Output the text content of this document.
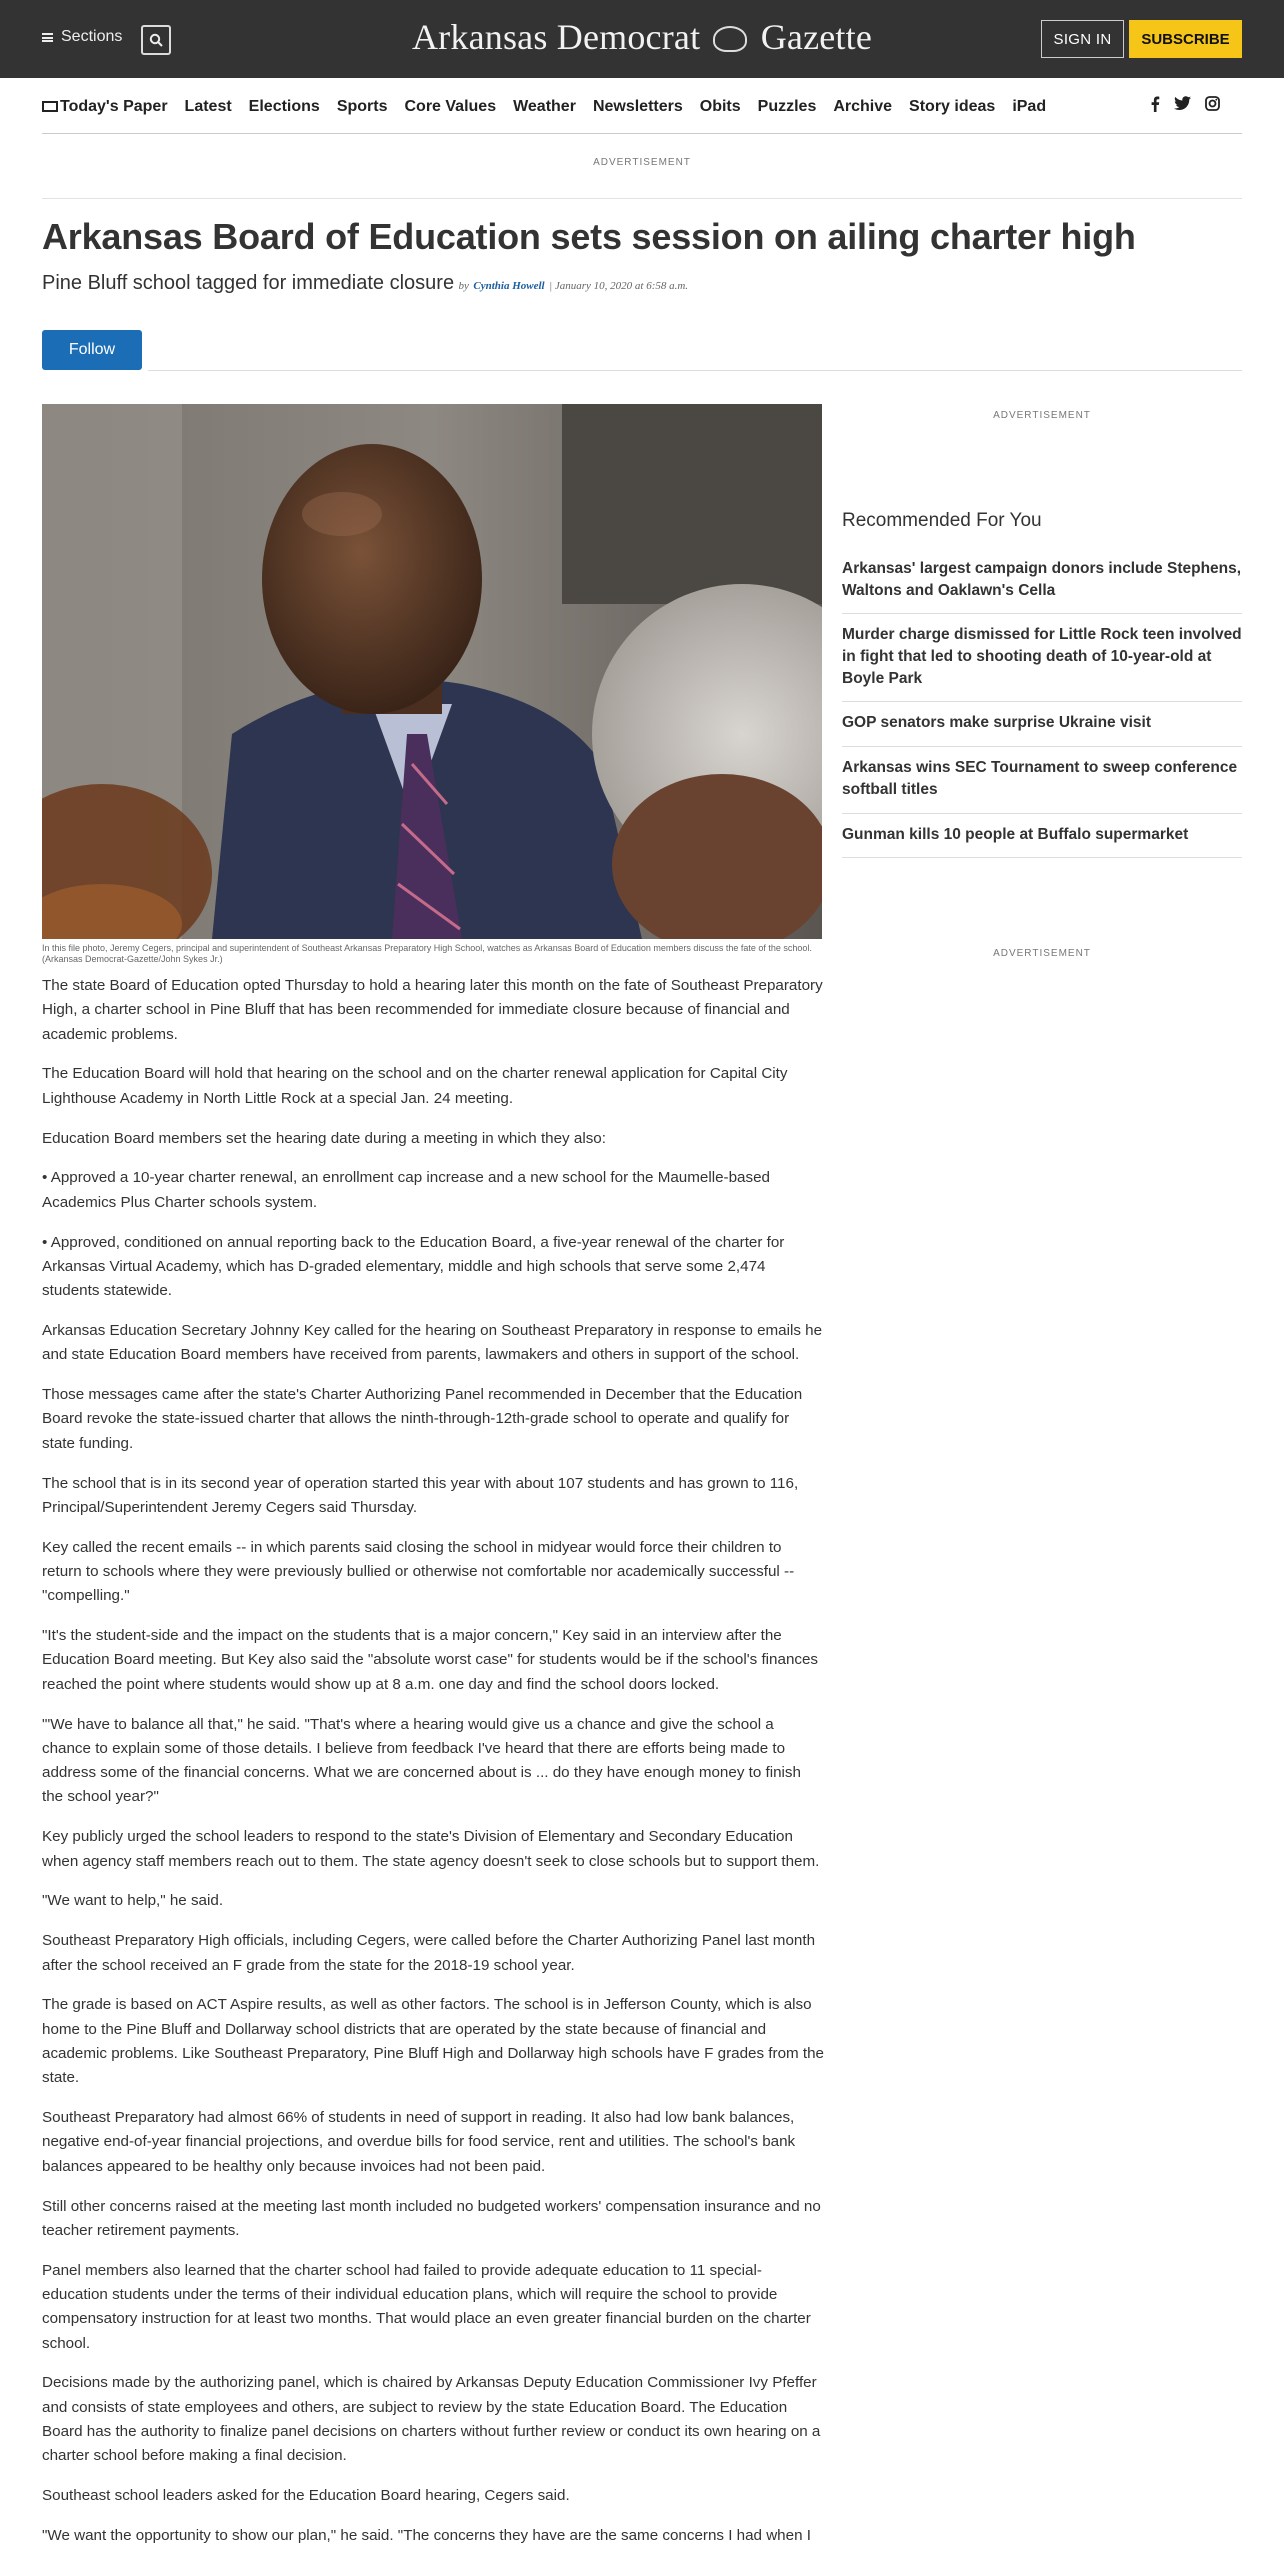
Sections	Arkansas Democrat Gazette	SIGN IN	SUBSCRIBE
Today's Paper Latest Elections Sports Core Values Weather Newsletters Obits Puzzles Archive Story ideas iPad
ADVERTISEMENT
Arkansas Board of Education sets session on ailing charter high
Pine Bluff school tagged for immediate closure by Cynthia Howell | January 10, 2020 at 6:58 a.m.
Follow
In this file photo, Jeremy Cegers, principal and superintendent of Southeast Arkansas Preparatory High School, watches as Arkansas Board of Education members discuss the fate of the school. (Arkansas Democrat-Gazette/John Sykes Jr.)

The state Board of Education opted Thursday to hold a hearing later this month on the fate of Southeast Preparatory High, a charter school in Pine Bluff that has been recommended for immediate closure because of financial and academic problems.

The Education Board will hold that hearing on the school and on the charter renewal application for Capital City Lighthouse Academy in North Little Rock at a special Jan. 24 meeting.

Education Board members set the hearing date during a meeting in which they also:

• Approved a 10-year charter renewal, an enrollment cap increase and a new school for the Maumelle-based Academics Plus Charter schools system.

• Approved, conditioned on annual reporting back to the Education Board, a five-year renewal of the charter for Arkansas Virtual Academy, which has D-graded elementary, middle and high schools that serve some 2,474 students statewide.

Arkansas Education Secretary Johnny Key called for the hearing on Southeast Preparatory in response to emails he and state Education Board members have received from parents, lawmakers and others in support of the school.

Those messages came after the state's Charter Authorizing Panel recommended in December that the Education Board revoke the state-issued charter that allows the ninth-through-12th-grade school to operate and qualify for state funding.

The school that is in its second year of operation started this year with about 107 students and has grown to 116, Principal/Superintendent Jeremy Cegers said Thursday.

Key called the recent emails -- in which parents said closing the school in midyear would force their children to return to schools where they were previously bullied or otherwise not comfortable nor academically successful -- "compelling."

"It's the student-side and the impact on the students that is a major concern," Key said in an interview after the Education Board meeting. But Key also said the "absolute worst case" for students would be if the school's finances reached the point where students would show up at 8 a.m. one day and find the school doors locked.

"'We have to balance all that," he said. "That's where a hearing would give us a chance and give the school a chance to explain some of those details. I believe from feedback I've heard that there are efforts being made to address some of the financial concerns. What we are concerned about is ... do they have enough money to finish the school year?"

Key publicly urged the school leaders to respond to the state's Division of Elementary and Secondary Education when agency staff members reach out to them. The state agency doesn't seek to close schools but to support them.

"We want to help," he said.

Southeast Preparatory High officials, including Cegers, were called before the Charter Authorizing Panel last month after the school received an F grade from the state for the 2018-19 school year.

The grade is based on ACT Aspire results, as well as other factors. The school is in Jefferson County, which is also home to the Pine Bluff and Dollarway school districts that are operated by the state because of financial and academic problems. Like Southeast Preparatory, Pine Bluff High and Dollarway high schools have F grades from the state.

Southeast Preparatory had almost 66% of students in need of support in reading. It also had low bank balances, negative end-of-year financial projections, and overdue bills for food service, rent and utilities. The school's bank balances appeared to be healthy only because invoices had not been paid.

Still other concerns raised at the meeting last month included no budgeted workers' compensation insurance and no teacher retirement payments.

Panel members also learned that the charter school had failed to provide adequate education to 11 special-education students under the terms of their individual education plans, which will require the school to provide compensatory instruction for at least two months. That would place an even greater financial burden on the charter school.

Decisions made by the authorizing panel, which is chaired by Arkansas Deputy Education Commissioner Ivy Pfeffer and consists of state employees and others, are subject to review by the state Education Board. The Education Board has the authority to finalize panel decisions on charters without further review or conduct its own hearing on a charter school before making a final decision.

Southeast school leaders asked for the Education Board hearing, Cegers said.

"We want the opportunity to show our plan," he said. "The concerns they have are the same concerns I had when I

ADVERTISEMENT
Recommended For You
Arkansas' largest campaign donors include Stephens, Waltons and Oaklawn's Cella
Murder charge dismissed for Little Rock teen involved in fight that led to shooting death of 10-year-old at Boyle Park
GOP senators make surprise Ukraine visit
Arkansas wins SEC Tournament to sweep conference softball titles
Gunman kills 10 people at Buffalo supermarket
ADVERTISEMENT
